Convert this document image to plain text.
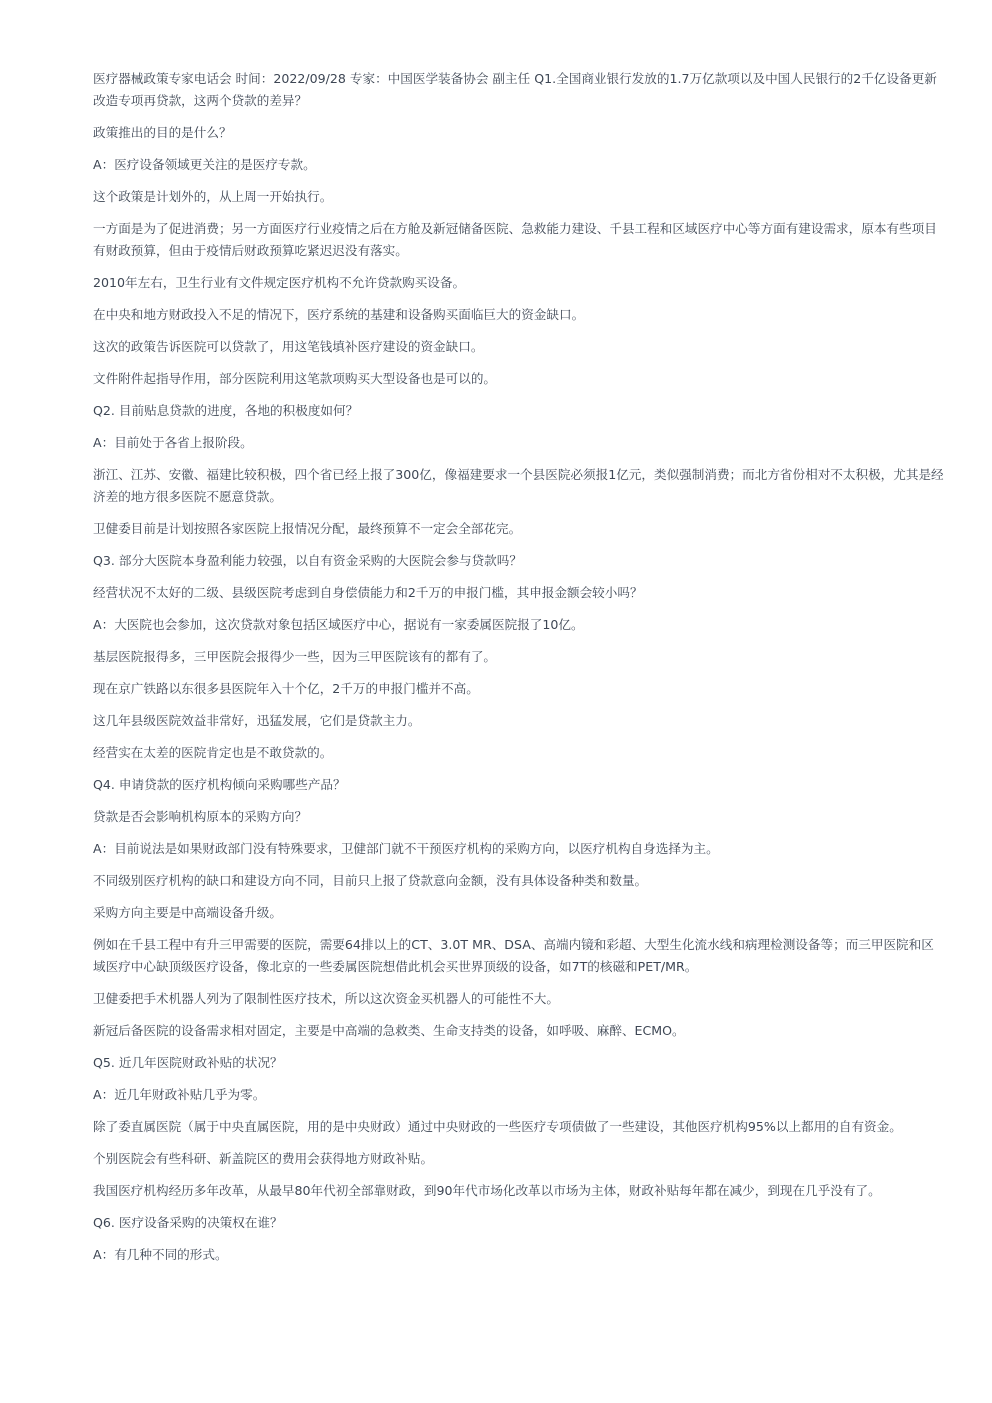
医疗器械政策专家电话会 时间：2022/09/28 专家：中国医学装备协会 副主任 Q1.全国商业银行发放的1.7万亿款项以及中国人民银行的2千亿设备更新改造专项再贷款，这两个贷款的差异？

政策推出的目的是什么？

A：医疗设备领域更关注的是医疗专款。

这个政策是计划外的，从上周一开始执行。

一方面是为了促进消费；另一方面医疗行业疫情之后在方舱及新冠储备医院、急救能力建设、千县工程和区域医疗中心等方面有建设需求，原本有些项目有财政预算，但由于疫情后财政预算吃紧迟迟没有落实。

2010年左右，卫生行业有文件规定医疗机构不允许贷款购买设备。

在中央和地方财政投入不足的情况下，医疗系统的基建和设备购买面临巨大的资金缺口。

这次的政策告诉医院可以贷款了，用这笔钱填补医疗建设的资金缺口。

文件附件起指导作用，部分医院利用这笔款项购买大型设备也是可以的。

Q2. 目前贴息贷款的进度，各地的积极度如何？

A：目前处于各省上报阶段。

浙江、江苏、安徽、福建比较积极，四个省已经上报了300亿，像福建要求一个县医院必须报1亿元，类似强制消费；而北方省份相对不太积极，尤其是经济差的地方很多医院不愿意贷款。

卫健委目前是计划按照各家医院上报情况分配，最终预算不一定会全部花完。

Q3. 部分大医院本身盈利能力较强，以自有资金采购的大医院会参与贷款吗？

经营状况不太好的二级、县级医院考虑到自身偿债能力和2千万的申报门槛，其申报金额会较小吗？

A：大医院也会参加，这次贷款对象包括区域医疗中心，据说有一家委属医院报了10亿。

基层医院报得多，三甲医院会报得少一些，因为三甲医院该有的都有了。

现在京广铁路以东很多县医院年入十个亿，2千万的申报门槛并不高。

这几年县级医院效益非常好，迅猛发展，它们是贷款主力。

经营实在太差的医院肯定也是不敢贷款的。

Q4. 申请贷款的医疗机构倾向采购哪些产品？

贷款是否会影响机构原本的采购方向？

A：目前说法是如果财政部门没有特殊要求，卫健部门就不干预医疗机构的采购方向，以医疗机构自身选择为主。

不同级别医疗机构的缺口和建设方向不同，目前只上报了贷款意向金额，没有具体设备种类和数量。

采购方向主要是中高端设备升级。

例如在千县工程中有升三甲需要的医院，需要64排以上的CT、3.0T MR、DSA、高端内镜和彩超、大型生化流水线和病理检测设备等；而三甲医院和区域医疗中心缺顶级医疗设备，像北京的一些委属医院想借此机会买世界顶级的设备，如7T的核磁和PET/MR。

卫健委把手术机器人列为了限制性医疗技术，所以这次资金买机器人的可能性不大。

新冠后备医院的设备需求相对固定，主要是中高端的急救类、生命支持类的设备，如呼吸、麻醉、ECMO。

Q5. 近几年医院财政补贴的状况？

A：近几年财政补贴几乎为零。

除了委直属医院（属于中央直属医院，用的是中央财政）通过中央财政的一些医疗专项债做了一些建设，其他医疗机构95%以上都用的自有资金。

个别医院会有些科研、新盖院区的费用会获得地方财政补贴。

我国医疗机构经历多年改革，从最早80年代初全部靠财政，到90年代市场化改革以市场为主体，财政补贴每年都在减少，到现在几乎没有了。

Q6. 医疗设备采购的决策权在谁？

A：有几种不同的形式。
